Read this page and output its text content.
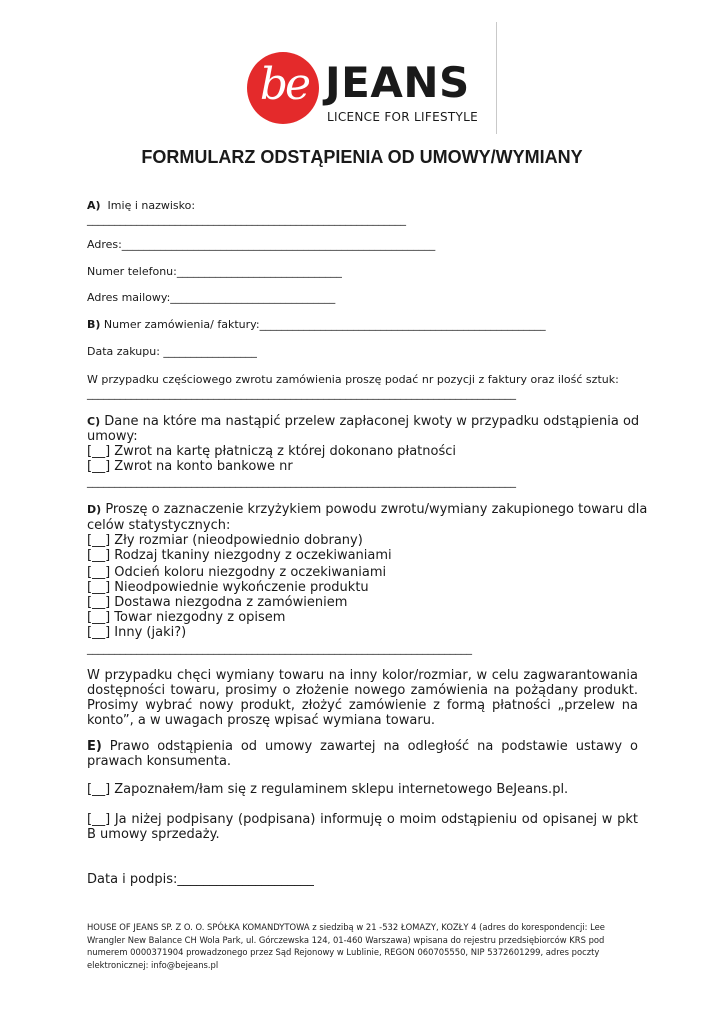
be JEANS
LICENCE FOR LIFESTYLE
FORMULARZ ODSTĄPIENIA OD UMOWY/WYMIANY
A) Imię i nazwisko:
__________________________________________________________
Adres:_________________________________________________________
Numer telefonu:______________________________
Adres mailowy:______________________________
B) Numer zamówienia/ faktury:____________________________________________________
Data zakupu: _________________
W przypadku częściowego zwrotu zamówienia proszę podać nr pozycji z faktury oraz ilość sztuk:
______________________________________________________________________________
C) Dane na które ma nastąpić przelew zapłaconej kwoty w przypadku odstąpienia od
umowy:
[__] Zwrot na kartę płatniczą z której dokonano płatności
[__] Zwrot na konto bankowe nr
______________________________________________________________________________
D) Proszę o zaznaczenie krzyżykiem powodu zwrotu/wymiany zakupionego towaru dla
celów statystycznych:
[__] Zły rozmiar (nieodpowiednio dobrany)
[__] Rodzaj tkaniny niezgodny z oczekiwaniami
[__] Odcień koloru niezgodny z oczekiwaniami
[__] Nieodpowiednie wykończenie produktu
[__] Dostawa niezgodna z zamówieniem
[__] Towar niezgodny z opisem
[__] Inny (jaki?)
______________________________________________________________________
W przypadku chęci wymiany towaru na inny kolor/rozmiar, w celu zagwarantowania dostępności towaru, prosimy o złożenie nowego zamówienia na pożądany produkt. Prosimy wybrać nowy produkt, złożyć zamówienie z formą płatności „przelew na konto”, a w uwagach proszę wpisać wymiana towaru.
E) Prawo odstąpienia od umowy zawartej na odległość na podstawie ustawy o prawach konsumenta.
[__] Zapoznałem/łam się z regulaminem sklepu internetowego BeJeans.pl.
[__] Ja niżej podpisany (podpisana) informuję o moim odstąpieniu od opisanej w pkt B umowy sprzedaży.
Data i podpis:_____________________
HOUSE OF JEANS SP. Z O. O. SPÓŁKA KOMANDYTOWA z siedzibą w 21 -532 ŁOMAZY, KOZŁY 4 (adres do korespondencji: Lee Wrangler New Balance CH Wola Park, ul. Górczewska 124, 01-460 Warszawa) wpisana do rejestru przedsiębiorców KRS pod numerem 0000371904 prowadzonego przez Sąd Rejonowy w Lublinie, REGON 060705550, NIP 5372601299, adres poczty elektronicznej: info@bejeans.pl
